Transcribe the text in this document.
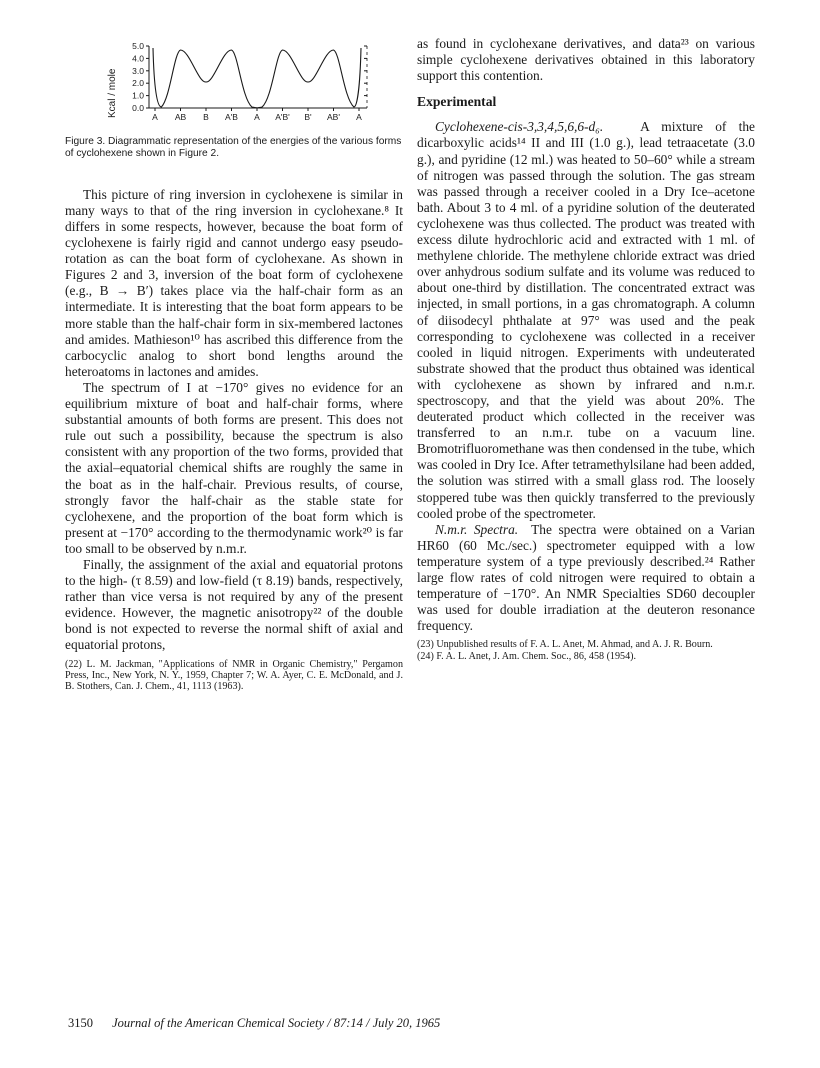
5.0
4.0
3.0
2.0
1.0
0.0
A AB B A'B A A'B' B' AB' A
Kcal / mole
Figure 3. Diagrammatic representation of the energies of the various forms of cyclohexene shown in Figure 2.

This picture of ring inversion in cyclohexene is similar in many ways to that of the ring inversion in cyclohexane.⁸ It differs in some respects, however, because the boat form of cyclohexene is fairly rigid and cannot undergo easy pseudo-rotation as can the boat form of cyclohexane. As shown in Figures 2 and 3, inversion of the boat form of cyclohexene (e.g., B → B′) takes place via the half-chair form as an intermediate. It is interesting that the boat form appears to be more stable than the half-chair form in six-membered lactones and amides. Mathieson¹⁰ has ascribed this difference from the carbocyclic analog to short bond lengths around the heteroatoms in lactones and amides.

The spectrum of I at −170° gives no evidence for an equilibrium mixture of boat and half-chair forms, where substantial amounts of both forms are present. This does not rule out such a possibility, because the spectrum is also consistent with any proportion of the two forms, provided that the axial–equatorial chemical shifts are roughly the same in the boat as in the half-chair. Previous results, of course, strongly favor the half-chair as the stable state for cyclohexene, and the proportion of the boat form which is present at −170° according to the thermodynamic work²⁰ is far too small to be observed by n.m.r.

Finally, the assignment of the axial and equatorial protons to the high- (τ 8.59) and low-field (τ 8.19) bands, respectively, rather than vice versa is not required by any of the present evidence. However, the magnetic anisotropy²² of the double bond is not expected to reverse the normal shift of axial and equatorial protons,

(22) L. M. Jackman, "Applications of NMR in Organic Chemistry," Pergamon Press, Inc., New York, N. Y., 1959, Chapter 7; W. A. Ayer, C. E. McDonald, and J. B. Stothers, Can. J. Chem., 41, 1113 (1963).

as found in cyclohexane derivatives, and data²³ on various simple cyclohexene derivatives obtained in this laboratory support this contention.

Experimental

Cyclohexene-cis-3,3,4,5,6,6-d₆.	A mixture of the dicarboxylic acids¹⁴ II and III (1.0 g.), lead tetraacetate (3.0 g.), and pyridine (12 ml.) was heated to 50–60° while a stream of nitrogen was passed through the solution. The gas stream was passed through a receiver cooled in a Dry Ice–acetone bath. About 3 to 4 ml. of a pyridine solution of the deuterated cyclohexene was thus collected. The product was treated with excess dilute hydrochloric acid and extracted with 1 ml. of methylene chloride. The methylene chloride extract was dried over anhydrous sodium sulfate and its volume was reduced to about one-third by distillation. The concentrated extract was injected, in small portions, in a gas chromatograph. A column of diisodecyl phthalate at 97° was used and the peak corresponding to cyclohexene was collected in a receiver cooled in liquid nitrogen. Experiments with undeuterated substrate showed that the product thus obtained was identical with cyclohexene as shown by infrared and n.m.r. spectroscopy, and that the yield was about 20%. The deuterated product which collected in the receiver was transferred to an n.m.r. tube on a vacuum line. Bromotrifluoromethane was then condensed in the tube, which was cooled in Dry Ice. After tetramethylsilane had been added, the solution was stirred with a small glass rod. The loosely stoppered tube was then quickly transferred to the previously cooled probe of the spectrometer.

N.m.r. Spectra. The spectra were obtained on a Varian HR60 (60 Mc./sec.) spectrometer equipped with a low temperature system of a type previously described.²⁴ Rather large flow rates of cold nitrogen were required to obtain a temperature of −170°. An NMR Specialties SD60 decoupler was used for double irradiation at the deuteron resonance frequency.

(23) Unpublished results of F. A. L. Anet, M. Ahmad, and A. J. R. Bourn.

(24) F. A. L. Anet, J. Am. Chem. Soc., 86, 458 (1954).

3150 Journal of the American Chemical Society / 87:14 / July 20, 1965
